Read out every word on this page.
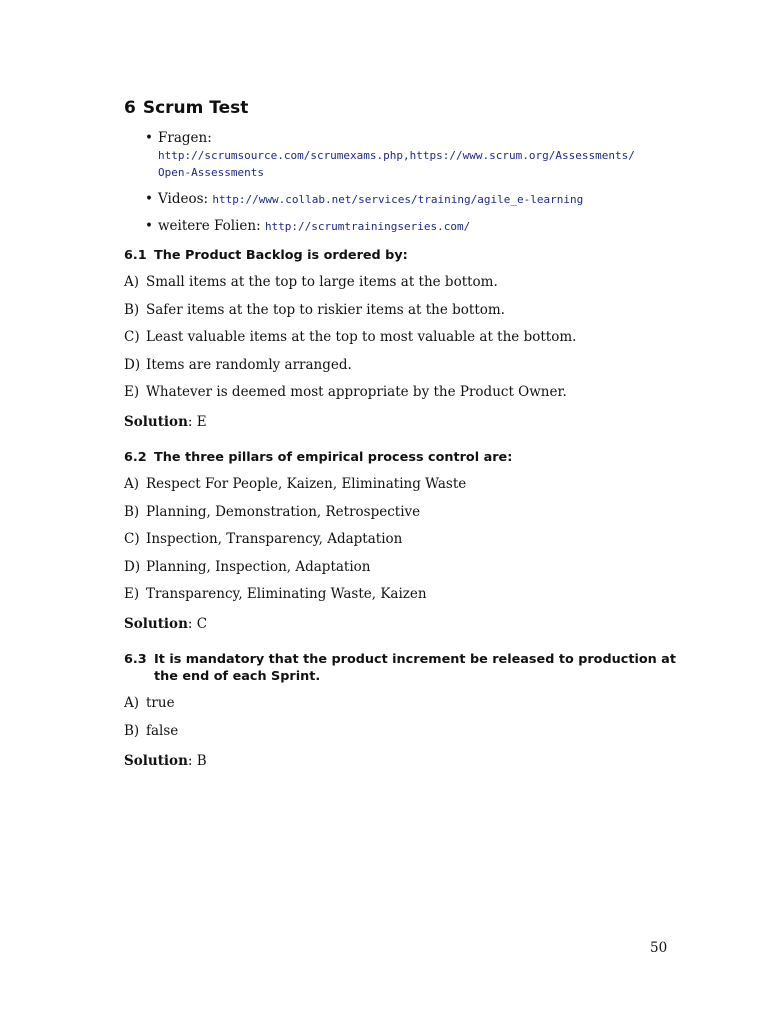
6 Scrum Test
• Fragen: http://scrumsource.com/scrumexams.php,https://www.scrum.org/Assessments/
Open-Assessments
• Videos: http://www.collab.net/services/training/agile_e-learning
• weitere Folien: http://scrumtrainingseries.com/
6.1 The Product Backlog is ordered by:
A) Small items at the top to large items at the bottom.
B) Safer items at the top to riskier items at the bottom.
C) Least valuable items at the top to most valuable at the bottom.
D) Items are randomly arranged.
E) Whatever is deemed most appropriate by the Product Owner.
Solution: E
6.2 The three pillars of empirical process control are:
A) Respect For People, Kaizen, Eliminating Waste
B) Planning, Demonstration, Retrospective
C) Inspection, Transparency, Adaptation
D) Planning, Inspection, Adaptation
E) Transparency, Eliminating Waste, Kaizen
Solution: C
6.3 It is mandatory that the product increment be released to production at the end of each Sprint.
A) true
B) false
Solution: B
50
